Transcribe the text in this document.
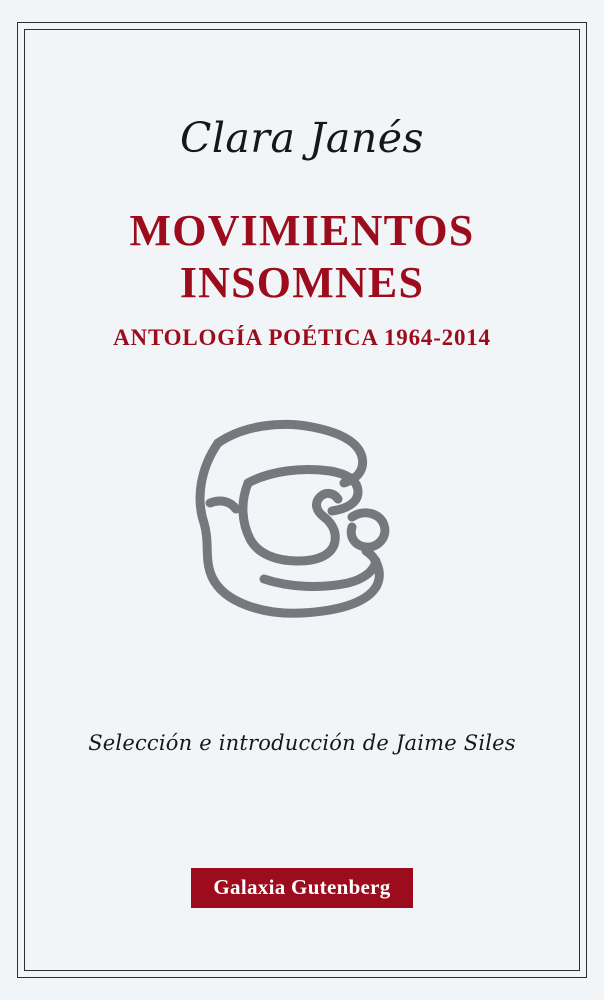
Clara Janés
MOVIMIENTOS
INSOMNES
ANTOLOGÍA POÉTICA 1964-2014
Selección e introducción de Jaime Siles
Galaxia Gutenberg
